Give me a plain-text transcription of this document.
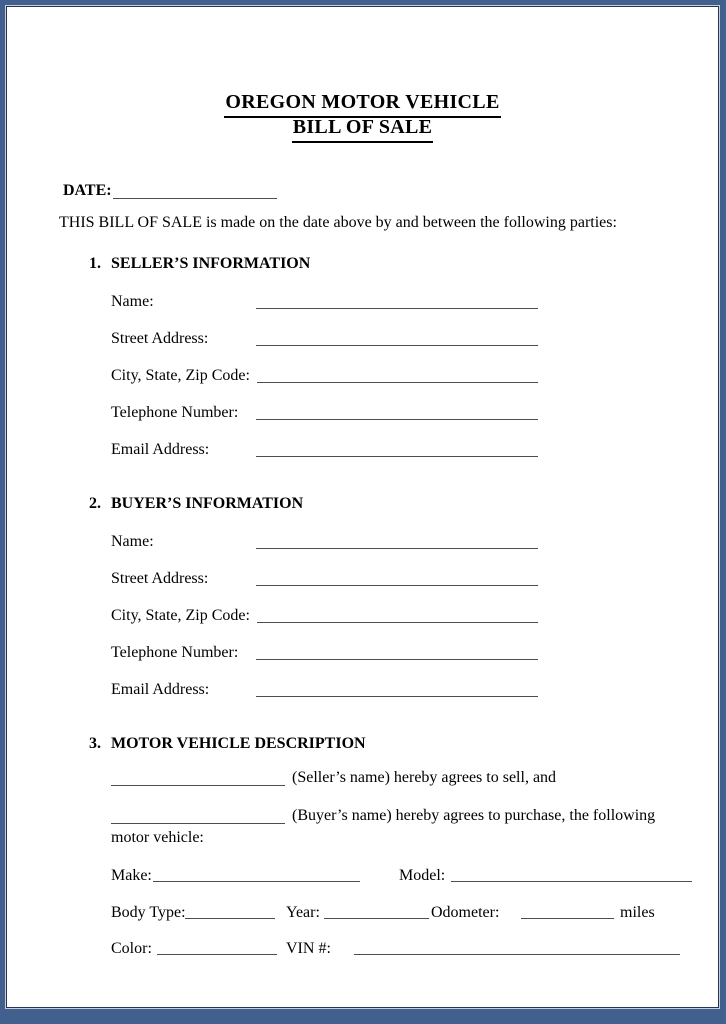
OREGON MOTOR VEHICLE
BILL OF SALE
DATE:
THIS BILL OF SALE is made on the date above by and between the following parties:
1. SELLER’S INFORMATION
Name:
Street Address:
City, State, Zip Code:
Telephone Number:
Email Address:
2. BUYER’S INFORMATION
Name:
Street Address:
City, State, Zip Code:
Telephone Number:
Email Address:
3. MOTOR VEHICLE DESCRIPTION
(Seller’s name) hereby agrees to sell, and
(Buyer’s name) hereby agrees to purchase, the following
motor vehicle:
Make:	Model:
Body Type:	Year:	Odometer:	miles
Color:	VIN #:
